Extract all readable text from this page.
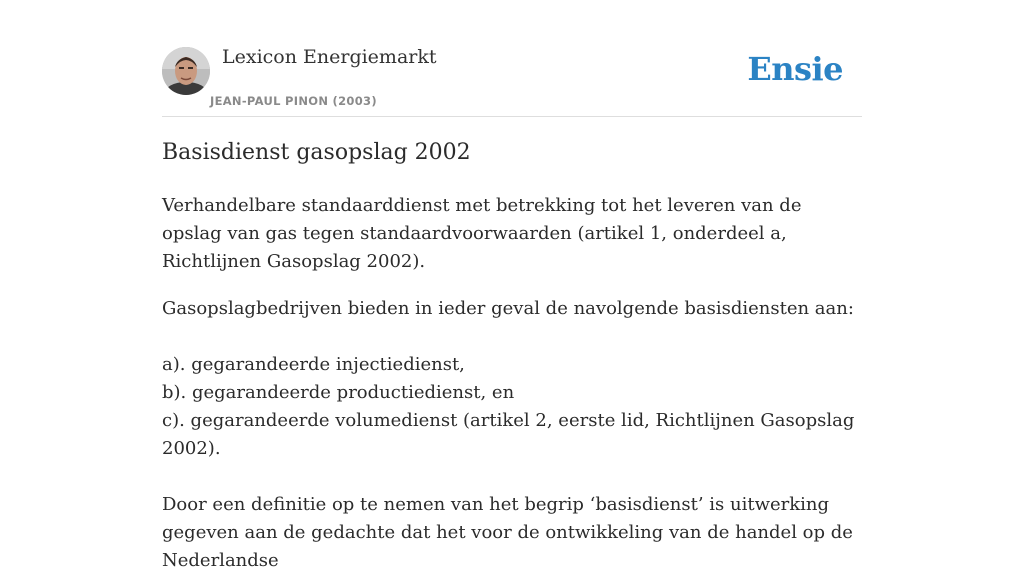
Lexicon Energiemarkt
JEAN-PAUL PINON (2003)
Ensie
Basisdienst gasopslag 2002

Verhandelbare standaarddienst met betrekking tot het leveren van de opslag van gas tegen standaardvoorwaarden (artikel 1, onderdeel a, Richtlijnen Gasopslag 2002).

Gasopslagbedrijven bieden in ieder geval de navolgende basisdiensten aan:

a). gegarandeerde injectiedienst,

b). gegarandeerde productiedienst, en

c). gegarandeerde volumedienst (artikel 2, eerste lid, Richtlijnen Gasopslag 2002).

Door een definitie op te nemen van het begrip ‘basisdienst’ is uitwerking gegeven aan de gedachte dat het voor de ontwikkeling van de handel op de Nederlandse
